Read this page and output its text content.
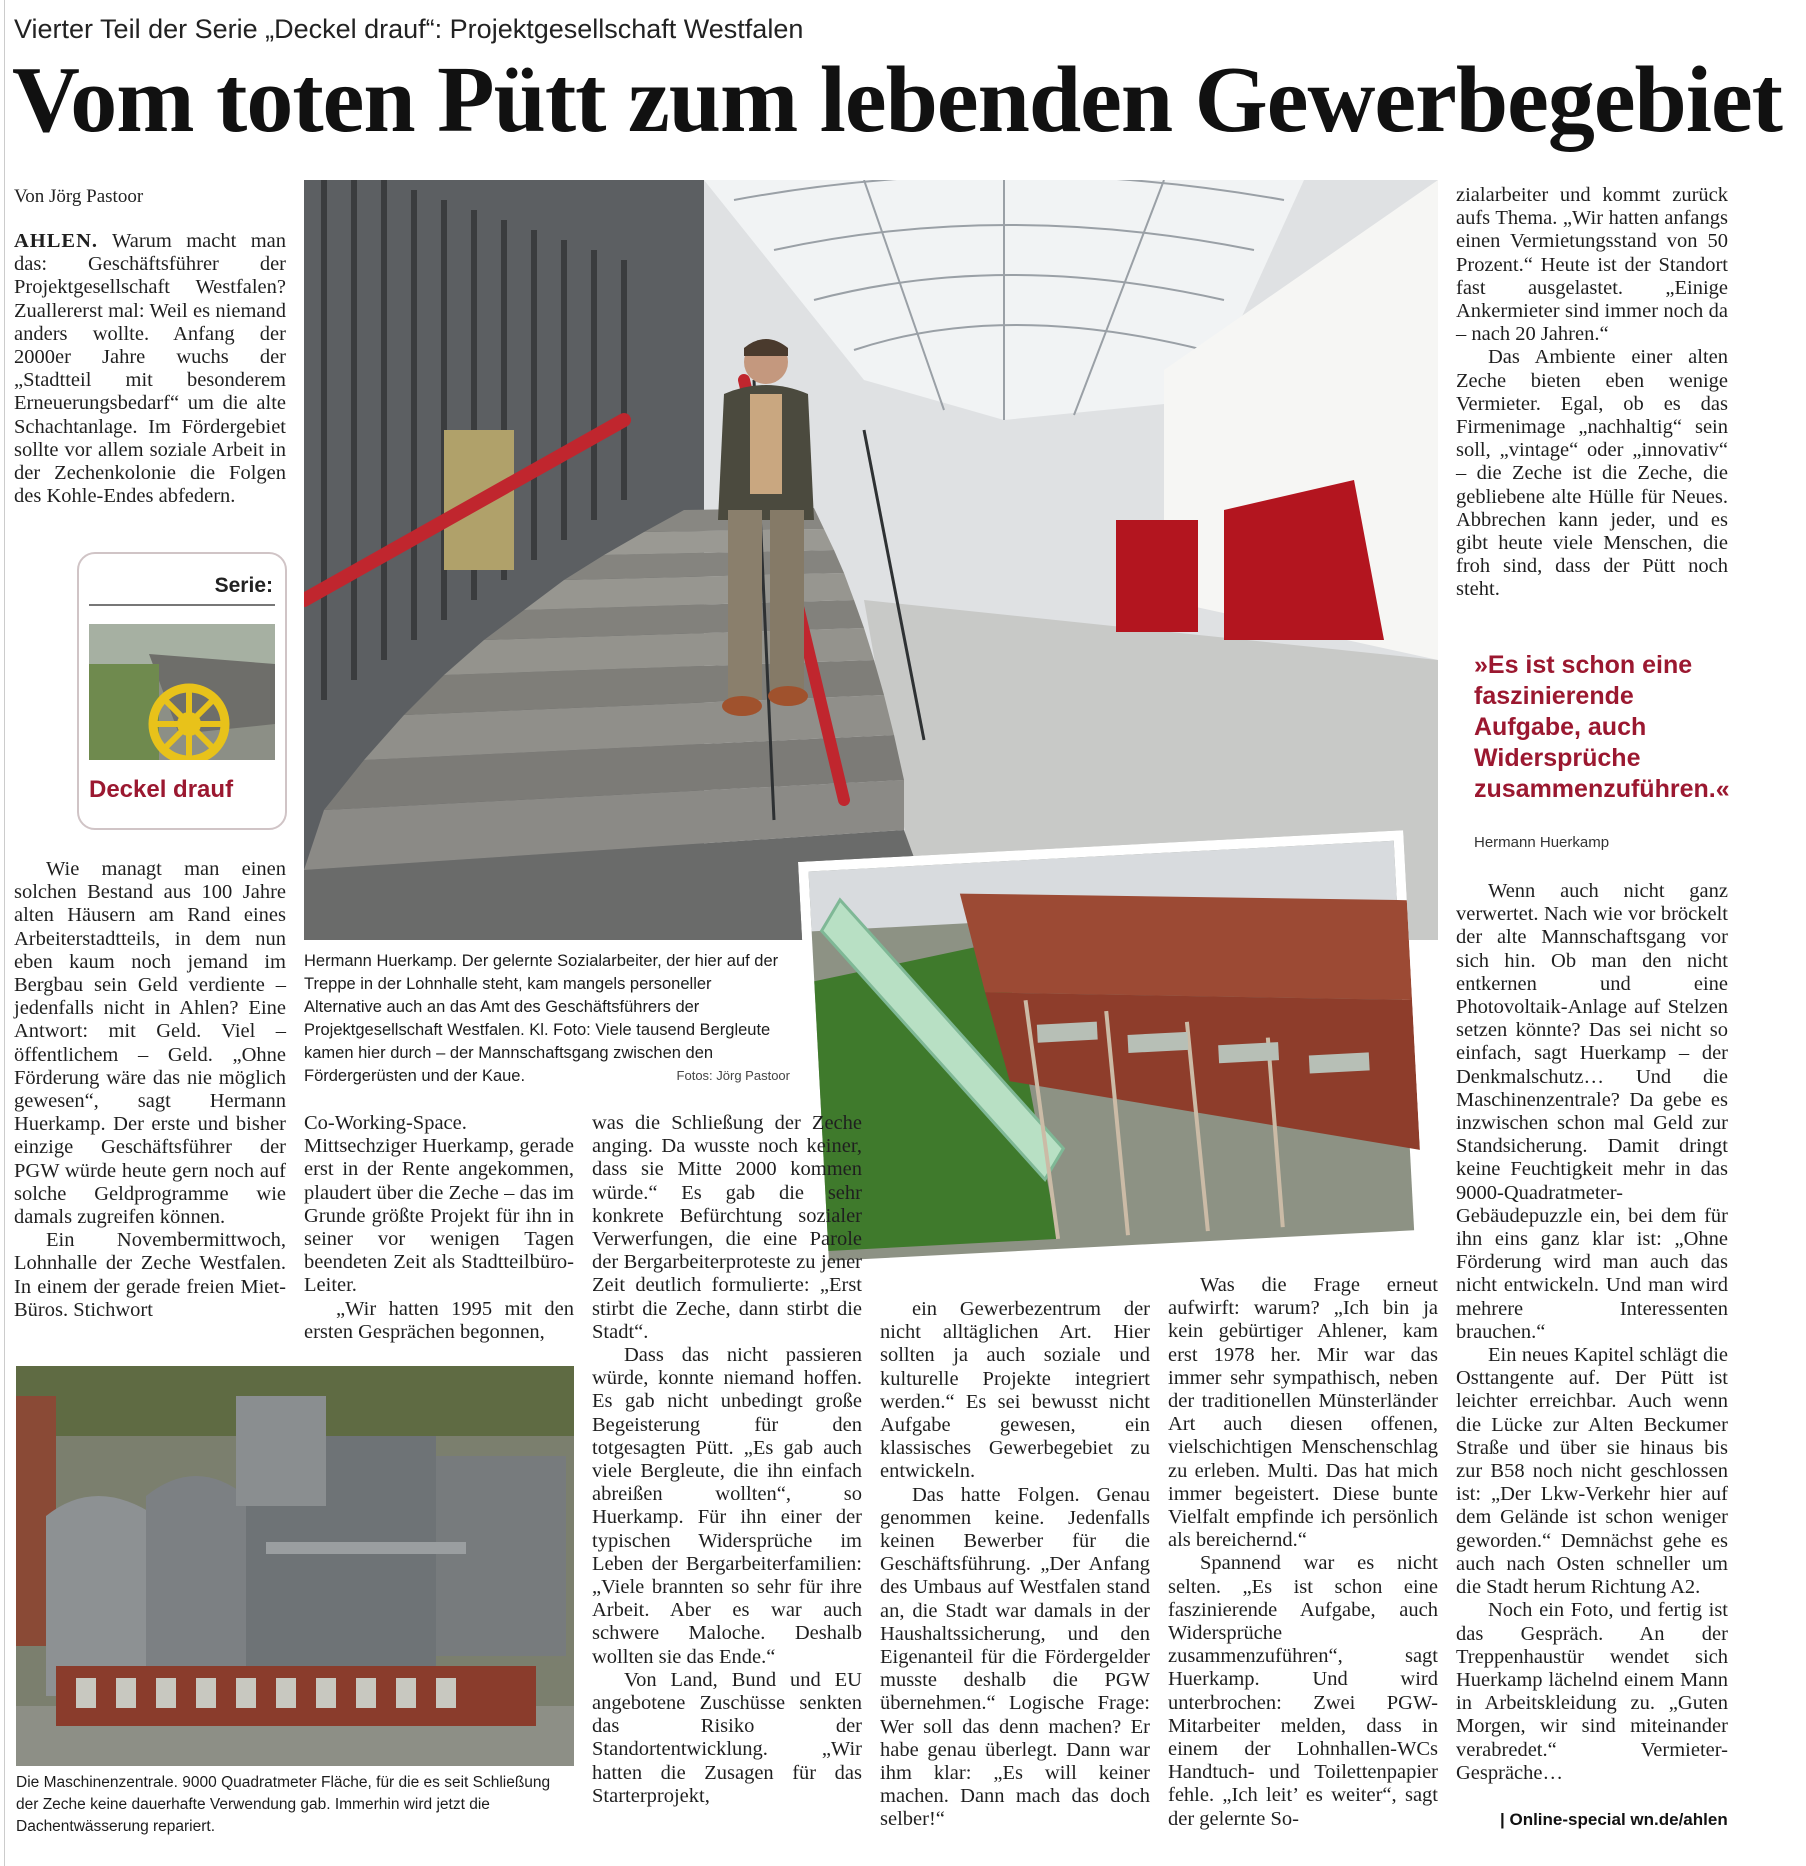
Vierter Teil der Serie „Deckel drauf“: Projektgesellschaft Westfalen
Vom toten Pütt zum lebenden Gewerbegebiet
Von Jörg Pastoor

AHLEN. Warum macht man das: Geschäftsführer der Projektgesellschaft Westfalen? Zuallererst mal: Weil es niemand anders wollte. Anfang der 2000er Jahre wuchs der „Stadtteil mit besonderem Erneuerungsbedarf“ um die alte Schachtanlage. Im Fördergebiet sollte vor allem soziale Arbeit in der Zechenkolonie die Folgen des Kohle-Endes abfedern.

Serie:
Deckel drauf

Wie managt man einen solchen Bestand aus 100 Jahre alten Häusern am Rand eines Arbeiterstadtteils, in dem nun eben kaum noch jemand im Bergbau sein Geld verdiente – jedenfalls nicht in Ahlen? Eine Antwort: mit Geld. Viel – öffentlichem – Geld. „Ohne Förderung wäre das nie möglich gewesen“, sagt Hermann Huerkamp. Der erste und bisher einzige Geschäftsführer der PGW würde heute gern noch auf solche Geldprogramme wie damals zugreifen können.

Ein Novembermittwoch, Lohnhalle der Zeche Westfalen. In einem der gerade freien Miet-Büros. Stichwort

Hermann Huerkamp. Der gelernte Sozialarbeiter, der hier auf der Treppe in der Lohnhalle steht, kam mangels personeller Alternative auch an das Amt des Geschäftsführers der Projektgesellschaft Westfalen. Kl. Foto: Viele tausend Bergleute kamen hier durch – der Mannschaftsgang zwischen den Fördergerüsten und der Kaue.	Fotos: Jörg Pastoor

Co-Working-Space. Mittsechziger Huerkamp, gerade erst in der Rente angekommen, plaudert über die Zeche – das im Grunde größte Projekt für ihn in seiner vor wenigen Tagen beendeten Zeit als Stadtteilbüro-Leiter.

„Wir hatten 1995 mit den ersten Gesprächen begonnen,

was die Schließung der Zeche anging. Da wusste noch keiner, dass sie Mitte 2000 kommen würde.“ Es gab die sehr konkrete Befürchtung sozialer Verwerfungen, die eine Parole der Bergarbeiterproteste zu jener Zeit deutlich formulierte: „Erst stirbt die Zeche, dann stirbt die Stadt“.

Dass das nicht passieren würde, konnte niemand hoffen. Es gab nicht unbedingt große Begeisterung für den totgesagten Pütt. „Es gab auch viele Bergleute, die ihn einfach abreißen wollten“, so Huerkamp. Für ihn einer der typischen Widersprüche im Leben der Bergarbeiterfamilien: „Viele brannten so sehr für ihre Arbeit. Aber es war auch schwere Maloche. Deshalb wollten sie das Ende.“

Von Land, Bund und EU angebotene Zuschüsse senkten das Risiko der Standortentwicklung. „Wir hatten die Zusagen für das Starterprojekt,

ein Gewerbezentrum der nicht alltäglichen Art. Hier sollten ja auch soziale und kulturelle Projekte integriert werden.“ Es sei bewusst nicht Aufgabe gewesen, ein klassisches Gewerbegebiet zu entwickeln.

Das hatte Folgen. Genau genommen keine. Jedenfalls keinen Bewerber für die Geschäftsführung. „Der Anfang des Umbaus auf Westfalen stand an, die Stadt war damals in der Haushaltssicherung, und den Eigenanteil für die Fördergelder musste deshalb die PGW übernehmen.“ Logische Frage: Wer soll das denn machen? Er habe genau überlegt. Dann war ihm klar: „Es will keiner machen. Dann mach das doch selber!“

Was die Frage erneut aufwirft: warum? „Ich bin ja kein gebürtiger Ahlener, kam erst 1978 her. Mir war das immer sehr sympathisch, neben der traditionellen Münsterländer Art auch diesen offenen, vielschichtigen Menschenschlag zu erleben. Multi. Das hat mich immer begeistert. Diese bunte Vielfalt empfinde ich persönlich als bereichernd.“

Spannend war es nicht selten. „Es ist schon eine faszinierende Aufgabe, auch Widersprüche zusammenzuführen“, sagt Huerkamp. Und wird unterbrochen: Zwei PGW-Mitarbeiter melden, dass in einem der Lohnhallen-WCs Handtuch- und Toilettenpapier fehle. „Ich leit’ es weiter“, sagt der gelernte So-

zialarbeiter und kommt zurück aufs Thema. „Wir hatten anfangs einen Vermietungsstand von 50 Prozent.“ Heute ist der Standort fast ausgelastet. „Einige Ankermieter sind immer noch da – nach 20 Jahren.“

Das Ambiente einer alten Zeche bieten eben wenige Vermieter. Egal, ob es das Firmenimage „nachhaltig“ sein soll, „vintage“ oder „innovativ“ – die Zeche ist die Zeche, die gebliebene alte Hülle für Neues. Abbrechen kann jeder, und es gibt heute viele Menschen, die froh sind, dass der Pütt noch steht.

»Es ist schon eine faszinierende Aufgabe, auch Widersprüche zusammenzuführen.«
Hermann Huerkamp

Wenn auch nicht ganz verwertet. Nach wie vor bröckelt der alte Mannschaftsgang vor sich hin. Ob man den nicht entkernen und eine Photovoltaik-Anlage auf Stelzen setzen könnte? Das sei nicht so einfach, sagt Huerkamp – der Denkmalschutz… Und die Maschinenzentrale? Da gebe es inzwischen schon mal Geld zur Standsicherung. Damit dringt keine Feuchtigkeit mehr in das 9000-Quadratmeter-Gebäudepuzzle ein, bei dem für ihn eins ganz klar ist: „Ohne Förderung wird man auch das nicht entwickeln. Und man wird mehrere Interessenten brauchen.“

Ein neues Kapitel schlägt die Osttangente auf. Der Pütt ist leichter erreichbar. Auch wenn die Lücke zur Alten Beckumer Straße und über sie hinaus bis zur B58 noch nicht geschlossen ist: „Der Lkw-Verkehr hier auf dem Gelände ist schon weniger geworden.“ Demnächst gehe es auch nach Osten schneller um die Stadt herum Richtung A2.

Noch ein Foto, und fertig ist das Gespräch. An der Treppenhaustür wendet sich Huerkamp lächelnd einem Mann in Arbeitskleidung zu. „Guten Morgen, wir sind miteinander verabredet.“ Vermieter-Gespräche…

| Online-special wn.de/ahlen
Die Maschinenzentrale. 9000 Quadratmeter Fläche, für die es seit Schließung der Zeche keine dauerhafte Verwendung gab. Immerhin wird jetzt die Dachentwässerung repariert.
